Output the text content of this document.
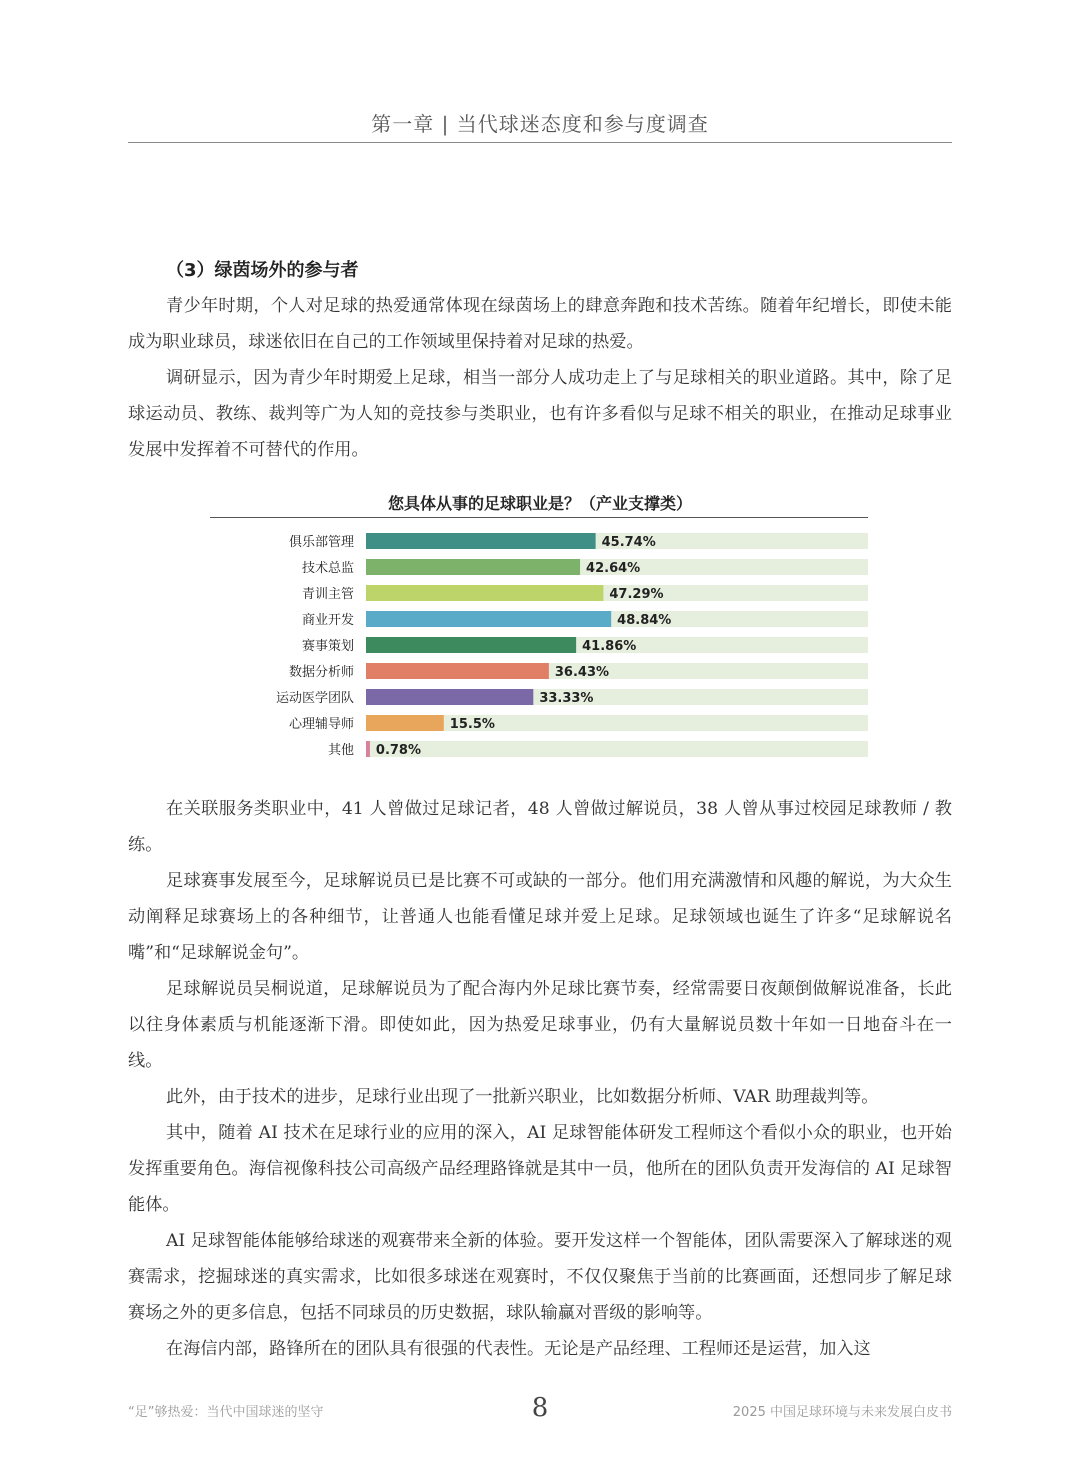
第一章 | 当代球迷态度和参与度调查
（3）绿茵场外的参与者

青少年时期，个人对足球的热爱通常体现在绿茵场上的肆意奔跑和技术苦练。随着年纪增长，即使未能成为职业球员，球迷依旧在自己的工作领域里保持着对足球的热爱。

调研显示，因为青少年时期爱上足球，相当一部分人成功走上了与足球相关的职业道路。其中，除了足球运动员、教练、裁判等广为人知的竞技参与类职业，也有许多看似与足球不相关的职业，在推动足球事业发展中发挥着不可替代的作用。

您具体从事的足球职业是？（产业支撑类）
俱乐部管理	45.74%
技术总监	42.64%
青训主管	47.29%
商业开发	48.84%
赛事策划	41.86%
数据分析师	36.43%
运动医学团队	33.33%
心理辅导师	15.5%
其他 0.78%

在关联服务类职业中，41 人曾做过足球记者，48 人曾做过解说员，38 人曾从事过校园足球教师 / 教练。

足球赛事发展至今，足球解说员已是比赛不可或缺的一部分。他们用充满激情和风趣的解说，为大众生动阐释足球赛场上的各种细节，让普通人也能看懂足球并爱上足球。足球领域也诞生了许多“足球解说名嘴”和“足球解说金句”。

足球解说员吴桐说道，足球解说员为了配合海内外足球比赛节奏，经常需要日夜颠倒做解说准备，长此以往身体素质与机能逐渐下滑。即使如此，因为热爱足球事业，仍有大量解说员数十年如一日地奋斗在一线。

此外，由于技术的进步，足球行业出现了一批新兴职业，比如数据分析师、VAR 助理裁判等。

其中，随着 AI 技术在足球行业的应用的深入，AI 足球智能体研发工程师这个看似小众的职业，也开始发挥重要角色。海信视像科技公司高级产品经理路锋就是其中一员，他所在的团队负责开发海信的 AI 足球智能体。

AI 足球智能体能够给球迷的观赛带来全新的体验。要开发这样一个智能体，团队需要深入了解球迷的观赛需求，挖掘球迷的真实需求，比如很多球迷在观赛时，不仅仅聚焦于当前的比赛画面，还想同步了解足球赛场之外的更多信息，包括不同球员的历史数据，球队输赢对晋级的影响等。

在海信内部，路锋所在的团队具有很强的代表性。无论是产品经理、工程师还是运营，加入这

“足”够热爱：当代中国球迷的坚守	8	2025 中国足球环境与未来发展白皮书
